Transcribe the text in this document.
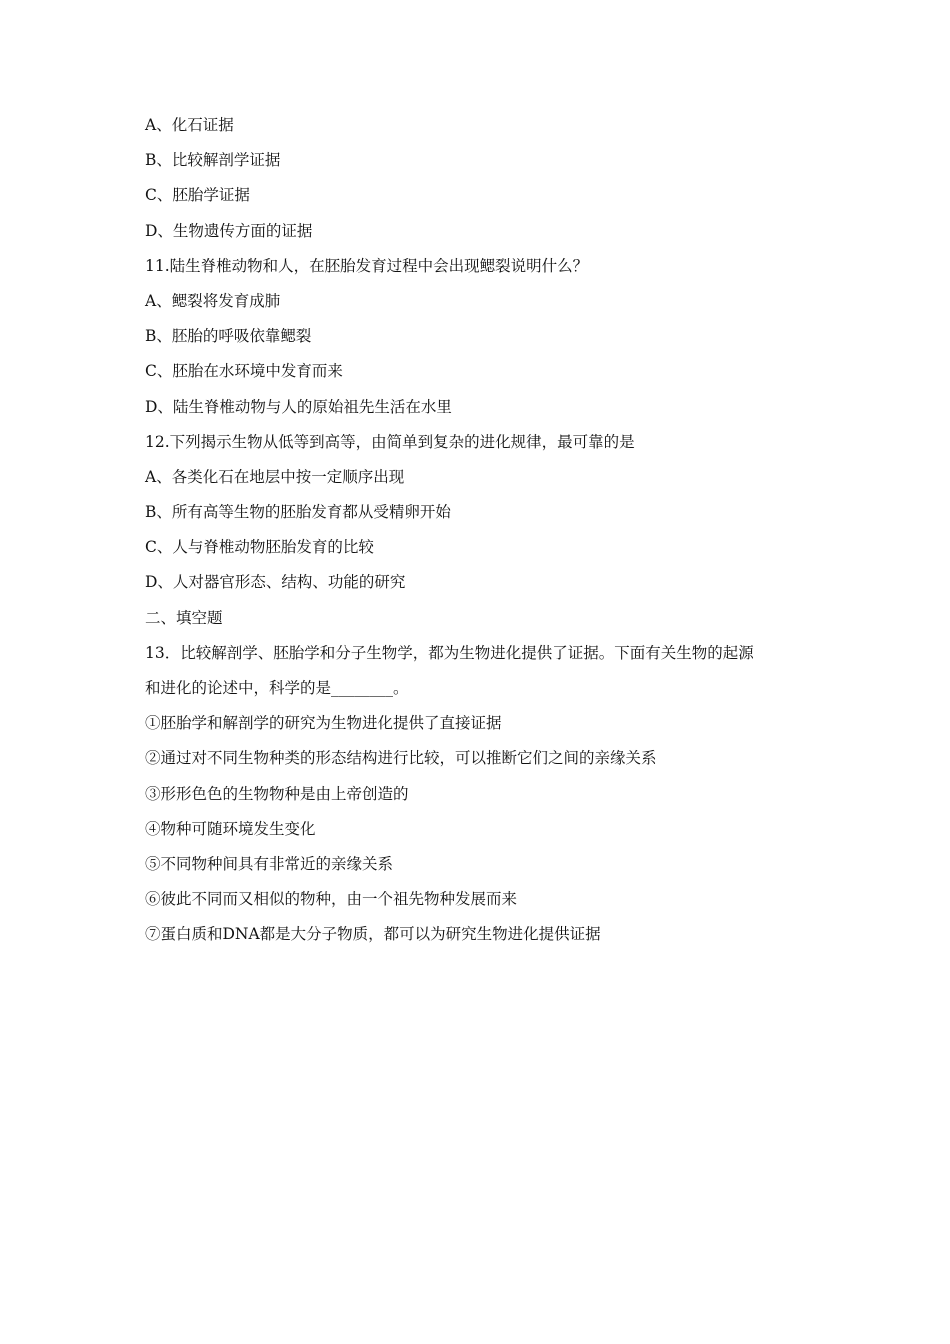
A、化石证据

B、比较解剖学证据

C、胚胎学证据

D、生物遗传方面的证据

11.陆生脊椎动物和人，在胚胎发育过程中会出现鳃裂说明什么？

A、鳃裂将发育成肺

B、胚胎的呼吸依靠鳃裂

C、胚胎在水环境中发育而来

D、陆生脊椎动物与人的原始祖先生活在水里

12.下列揭示生物从低等到高等，由简单到复杂的进化规律，最可靠的是

A、各类化石在地层中按一定顺序出现

B、所有高等生物的胚胎发育都从受精卵开始

C、人与脊椎动物胚胎发育的比较

D、人对器官形态、结构、功能的研究

二、填空题

13．比较解剖学、胚胎学和分子生物学，都为生物进化提供了证据。下面有关生物的起源

和进化的论述中，科学的是________。

①胚胎学和解剖学的研究为生物进化提供了直接证据

②通过对不同生物种类的形态结构进行比较，可以推断它们之间的亲缘关系

③形形色色的生物物种是由上帝创造的

④物种可随环境发生变化

⑤不同物种间具有非常近的亲缘关系

⑥彼此不同而又相似的物种，由一个祖先物种发展而来

⑦蛋白质和DNA都是大分子物质，都可以为研究生物进化提供证据
